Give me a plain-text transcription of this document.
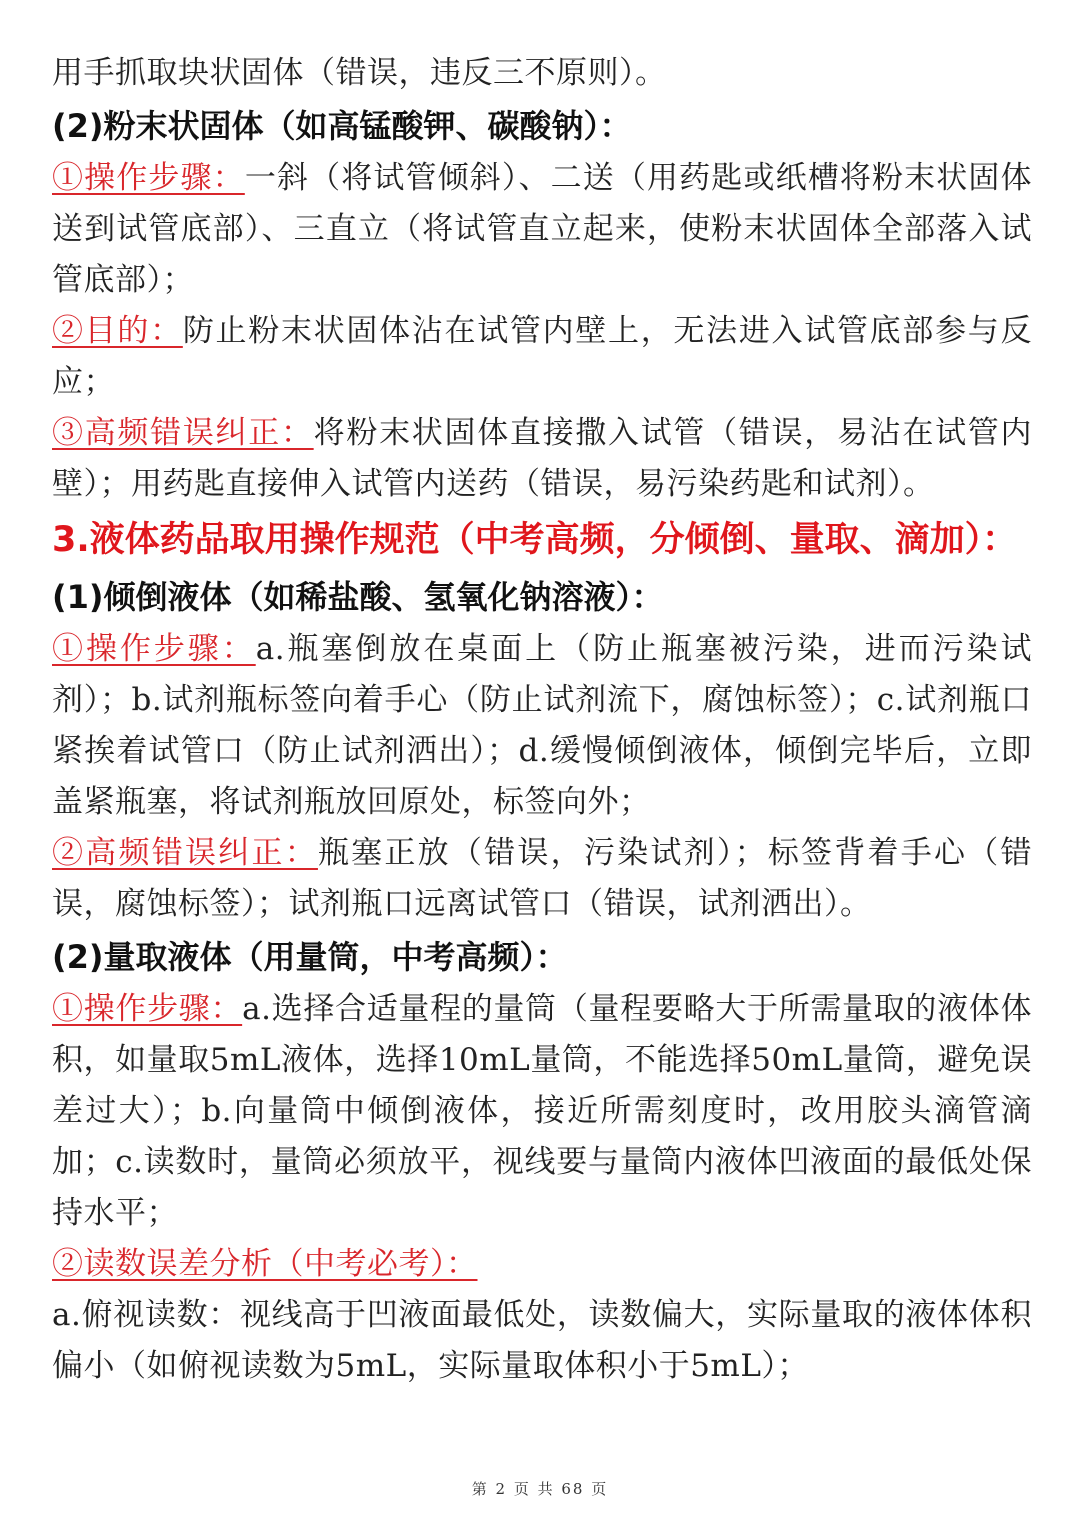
用手抓取块状固体（错误，违反三不原则）。

(2)粉末状固体（如高锰酸钾、碳酸钠）：

①操作步骤：一斜（将试管倾斜）、二送（用药匙或纸槽将粉末状固体送到试管底部）、三直立（将试管直立起来，使粉末状固体全部落入试管底部）；

②目的：防止粉末状固体沾在试管内壁上，无法进入试管底部参与反应；

③高频错误纠正：将粉末状固体直接撒入试管（错误，易沾在试管内壁）；用药匙直接伸入试管内送药（错误，易污染药匙和试剂）。

3.液体药品取用操作规范（中考高频，分倾倒、量取、滴加）：

(1)倾倒液体（如稀盐酸、氢氧化钠溶液）：

①操作步骤：a.瓶塞倒放在桌面上（防止瓶塞被污染，进而污染试剂）；b.试剂瓶标签向着手心（防止试剂流下，腐蚀标签）；c.试剂瓶口紧挨着试管口（防止试剂洒出）；d.缓慢倾倒液体，倾倒完毕后，立即盖紧瓶塞，将试剂瓶放回原处，标签向外；

②高频错误纠正：瓶塞正放（错误，污染试剂）；标签背着手心（错误，腐蚀标签）；试剂瓶口远离试管口（错误，试剂洒出）。

(2)量取液体（用量筒，中考高频）：

①操作步骤：a.选择合适量程的量筒（量程要略大于所需量取的液体体积，如量取5mL液体，选择10mL量筒，不能选择50mL量筒，避免误差过大）；b.向量筒中倾倒液体，接近所需刻度时，改用胶头滴管滴加；c.读数时，量筒必须放平，视线要与量筒内液体凹液面的最低处保持水平；

②读数误差分析（中考必考）：

a.俯视读数：视线高于凹液面最低处，读数偏大，实际量取的液体体积偏小（如俯视读数为5mL，实际量取体积小于5mL）；

第 2 页 共 68 页
